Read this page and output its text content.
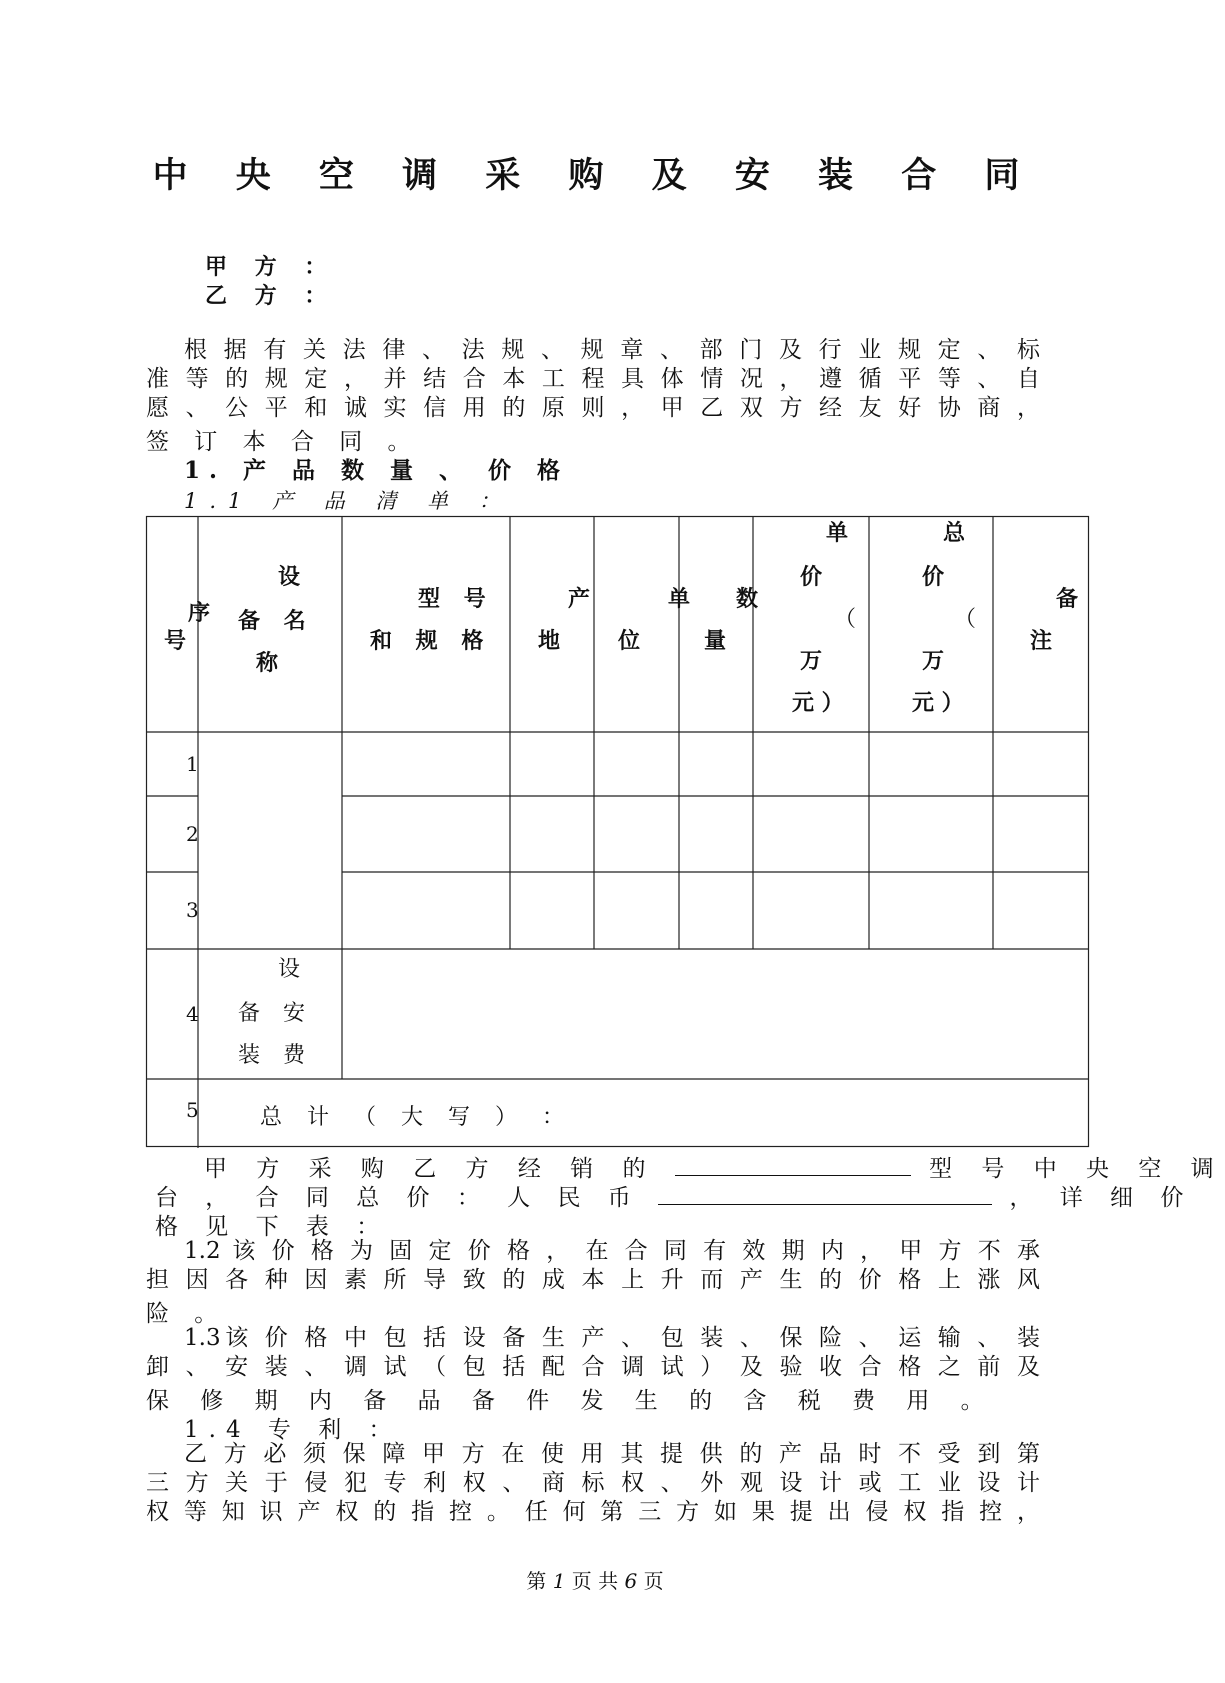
中 央 空 调 采 购 及 安 装 合 同
甲 方 ：
乙 方 ：
根 据 有 关 法 律 、 法 规 、 规 章 、 部 门 及 行 业 规 定 、 标
准 等 的 规 定 ， 并 结 合 本 工 程 具 体 情 况 ， 遵 循 平 等 、 自
愿 、 公 平 和 诚 实 信 用 的 原 则 ， 甲 乙 双 方 经 友 好 协 商 ，
签 订 本 合 同 。
1. 产 品 数 量 、 价 格
1.1 产 品 清 单 ：
序
号
设
备 名
称
型 号
和 规 格
产
地
单
位
数
量
单
价
（
万
元 ）
总
价
（
万
元 ）
备
注
1
2
3
4
5
设
备 安
装 费
总 计 （ 大 写 ） ：
甲 方 采 购 乙 方 经 销 的	型 号 中 央 空 调
台 ， 合 同 总 价 ： 人 民 币	， 详 细 价
格 见 下 表 ：
1.2 该 价 格 为 固 定 价 格 ， 在 合 同 有 效 期 内 ， 甲 方 不 承
担 因 各 种 因 素 所 导 致 的 成 本 上 升 而 产 生 的 价 格 上 涨 风
险 。
1.3该 价 格 中 包 括 设 备 生 产 、 包 装 、 保 险 、 运 输 、 装
卸 、 安 装 、 调 试 （ 包 括 配 合 调 试 ） 及 验 收 合 格 之 前 及
保 修 期 内 备 品 备 件 发 生 的 含 税 费 用 。
1.4 专 利 ：
乙 方 必 须 保 障 甲 方 在 使 用 其 提 供 的 产 品 时 不 受 到 第
三 方 关 于 侵 犯 专 利 权 、 商 标 权 、 外 观 设 计 或 工 业 设 计
权 等 知 识 产 权 的 指 控 。 任 何 第 三 方 如 果 提 出 侵 权 指 控 ，
第 1 页 共 6 页
